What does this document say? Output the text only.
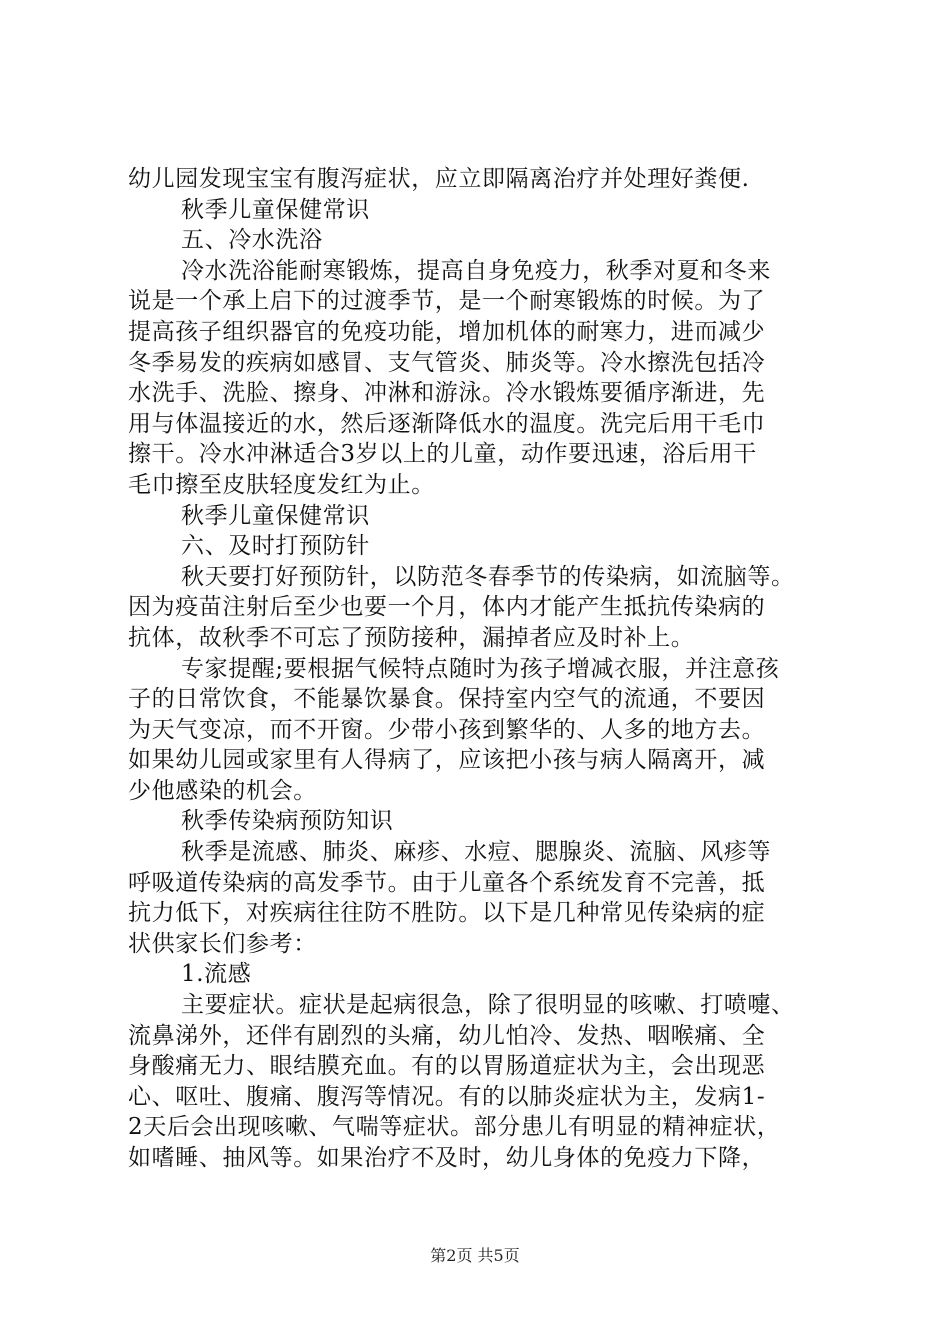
幼儿园发现宝宝有腹泻症状，应立即隔离治疗并处理好粪便.
秋季儿童保健常识
五、冷水洗浴
冷水洗浴能耐寒锻炼，提高自身免疫力，秋季对夏和冬来
说是一个承上启下的过渡季节，是一个耐寒锻炼的时候。为了
提高孩子组织器官的免疫功能，增加机体的耐寒力，进而减少
冬季易发的疾病如感冒、支气管炎、肺炎等。冷水擦洗包括冷
水洗手、洗脸、擦身、冲淋和游泳。冷水锻炼要循序渐进，先
用与体温接近的水，然后逐渐降低水的温度。洗完后用干毛巾
擦干。冷水冲淋适合3岁以上的儿童，动作要迅速，浴后用干
毛巾擦至皮肤轻度发红为止。
秋季儿童保健常识
六、及时打预防针
秋天要打好预防针，以防范冬春季节的传染病，如流脑等。
因为疫苗注射后至少也要一个月，体内才能产生抵抗传染病的
抗体，故秋季不可忘了预防接种，漏掉者应及时补上。
专家提醒;要根据气候特点随时为孩子增减衣服，并注意孩
子的日常饮食，不能暴饮暴食。保持室内空气的流通，不要因
为天气变凉，而不开窗。少带小孩到繁华的、人多的地方去。
如果幼儿园或家里有人得病了，应该把小孩与病人隔离开，减
少他感染的机会。
秋季传染病预防知识
秋季是流感、肺炎、麻疹、水痘、腮腺炎、流脑、风疹等
呼吸道传染病的高发季节。由于儿童各个系统发育不完善，抵
抗力低下，对疾病往往防不胜防。以下是几种常见传染病的症
状供家长们参考：
1.流感
主要症状。症状是起病很急，除了很明显的咳嗽、打喷嚏、
流鼻涕外，还伴有剧烈的头痛，幼儿怕冷、发热、咽喉痛、全
身酸痛无力、眼结膜充血。有的以胃肠道症状为主，会出现恶
心、呕吐、腹痛、腹泻等情况。有的以肺炎症状为主，发病1-
2天后会出现咳嗽、气喘等症状。部分患儿有明显的精神症状，
如嗜睡、抽风等。如果治疗不及时，幼儿身体的免疫力下降，
第2页 共5页
